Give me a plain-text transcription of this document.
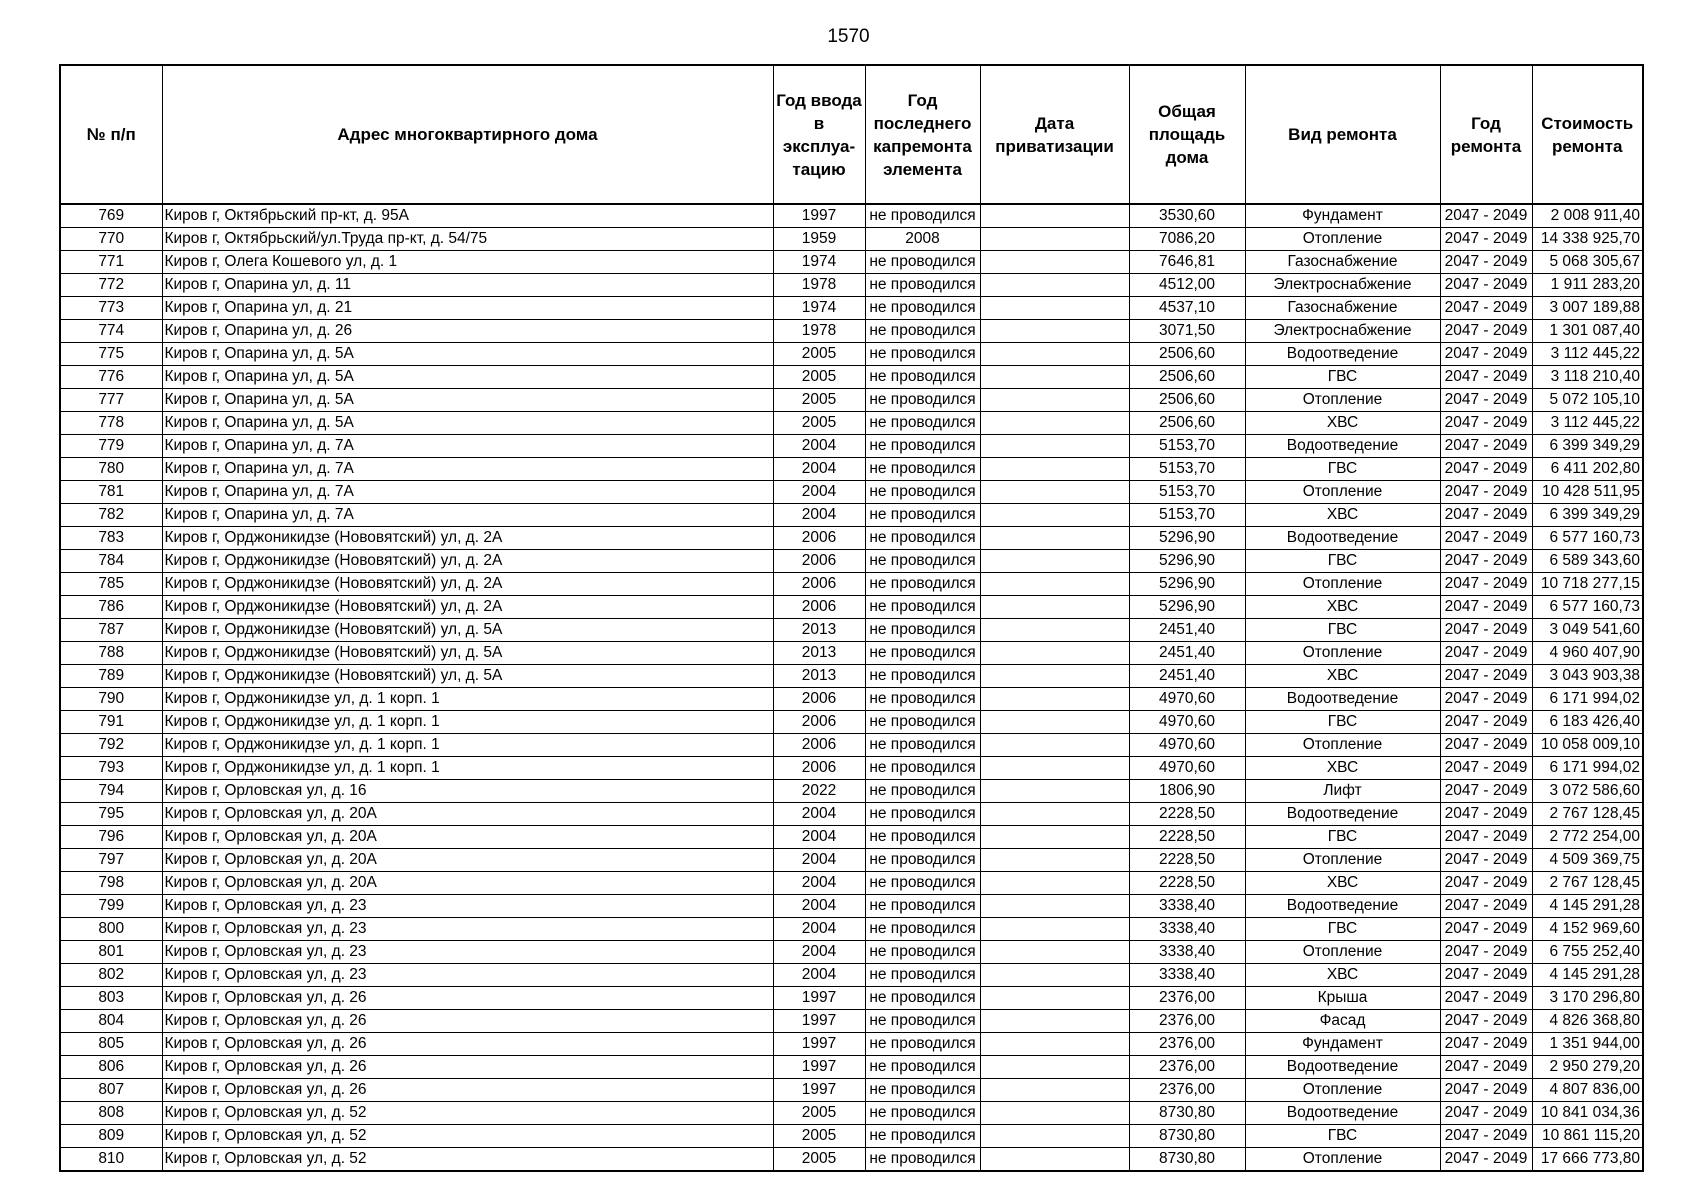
1570
№ п/п	Адрес многоквартирного дома	Год ввода в эксплуа-тацию	Год последнего капремонта элемента	Дата приватизации	Общая площадь дома	Вид ремонта	Год ремонта	Стоимость ремонта
769	Киров г, Октябрьский пр-кт, д. 95А	1997	не проводился		3530,60	Фундамент	2047 - 2049	2 008 911,40
770	Киров г, Октябрьский/ул.Труда пр-кт, д. 54/75	1959	2008		7086,20	Отопление	2047 - 2049	14 338 925,70
771	Киров г, Олега Кошевого ул, д. 1	1974	не проводился		7646,81	Газоснабжение	2047 - 2049	5 068 305,67
772	Киров г, Опарина ул, д. 11	1978	не проводился		4512,00	Электроснабжение	2047 - 2049	1 911 283,20
773	Киров г, Опарина ул, д. 21	1974	не проводился		4537,10	Газоснабжение	2047 - 2049	3 007 189,88
774	Киров г, Опарина ул, д. 26	1978	не проводился		3071,50	Электроснабжение	2047 - 2049	1 301 087,40
775	Киров г, Опарина ул, д. 5А	2005	не проводился		2506,60	Водоотведение	2047 - 2049	3 112 445,22
776	Киров г, Опарина ул, д. 5А	2005	не проводился		2506,60	ГВС	2047 - 2049	3 118 210,40
777	Киров г, Опарина ул, д. 5А	2005	не проводился		2506,60	Отопление	2047 - 2049	5 072 105,10
778	Киров г, Опарина ул, д. 5А	2005	не проводился		2506,60	ХВС	2047 - 2049	3 112 445,22
779	Киров г, Опарина ул, д. 7А	2004	не проводился		5153,70	Водоотведение	2047 - 2049	6 399 349,29
780	Киров г, Опарина ул, д. 7А	2004	не проводился		5153,70	ГВС	2047 - 2049	6 411 202,80
781	Киров г, Опарина ул, д. 7А	2004	не проводился		5153,70	Отопление	2047 - 2049	10 428 511,95
782	Киров г, Опарина ул, д. 7А	2004	не проводился		5153,70	ХВС	2047 - 2049	6 399 349,29
783	Киров г, Орджоникидзе (Нововятский) ул, д. 2А	2006	не проводился		5296,90	Водоотведение	2047 - 2049	6 577 160,73
784	Киров г, Орджоникидзе (Нововятский) ул, д. 2А	2006	не проводился		5296,90	ГВС	2047 - 2049	6 589 343,60
785	Киров г, Орджоникидзе (Нововятский) ул, д. 2А	2006	не проводился		5296,90	Отопление	2047 - 2049	10 718 277,15
786	Киров г, Орджоникидзе (Нововятский) ул, д. 2А	2006	не проводился		5296,90	ХВС	2047 - 2049	6 577 160,73
787	Киров г, Орджоникидзе (Нововятский) ул, д. 5А	2013	не проводился		2451,40	ГВС	2047 - 2049	3 049 541,60
788	Киров г, Орджоникидзе (Нововятский) ул, д. 5А	2013	не проводился		2451,40	Отопление	2047 - 2049	4 960 407,90
789	Киров г, Орджоникидзе (Нововятский) ул, д. 5А	2013	не проводился		2451,40	ХВС	2047 - 2049	3 043 903,38
790	Киров г, Орджоникидзе ул, д. 1 корп. 1	2006	не проводился		4970,60	Водоотведение	2047 - 2049	6 171 994,02
791	Киров г, Орджоникидзе ул, д. 1 корп. 1	2006	не проводился		4970,60	ГВС	2047 - 2049	6 183 426,40
792	Киров г, Орджоникидзе ул, д. 1 корп. 1	2006	не проводился		4970,60	Отопление	2047 - 2049	10 058 009,10
793	Киров г, Орджоникидзе ул, д. 1 корп. 1	2006	не проводился		4970,60	ХВС	2047 - 2049	6 171 994,02
794	Киров г, Орловская ул, д. 16	2022	не проводился		1806,90	Лифт	2047 - 2049	3 072 586,60
795	Киров г, Орловская ул, д. 20А	2004	не проводился		2228,50	Водоотведение	2047 - 2049	2 767 128,45
796	Киров г, Орловская ул, д. 20А	2004	не проводился		2228,50	ГВС	2047 - 2049	2 772 254,00
797	Киров г, Орловская ул, д. 20А	2004	не проводился		2228,50	Отопление	2047 - 2049	4 509 369,75
798	Киров г, Орловская ул, д. 20А	2004	не проводился		2228,50	ХВС	2047 - 2049	2 767 128,45
799	Киров г, Орловская ул, д. 23	2004	не проводился		3338,40	Водоотведение	2047 - 2049	4 145 291,28
800	Киров г, Орловская ул, д. 23	2004	не проводился		3338,40	ГВС	2047 - 2049	4 152 969,60
801	Киров г, Орловская ул, д. 23	2004	не проводился		3338,40	Отопление	2047 - 2049	6 755 252,40
802	Киров г, Орловская ул, д. 23	2004	не проводился		3338,40	ХВС	2047 - 2049	4 145 291,28
803	Киров г, Орловская ул, д. 26	1997	не проводился		2376,00	Крыша	2047 - 2049	3 170 296,80
804	Киров г, Орловская ул, д. 26	1997	не проводился		2376,00	Фасад	2047 - 2049	4 826 368,80
805	Киров г, Орловская ул, д. 26	1997	не проводился		2376,00	Фундамент	2047 - 2049	1 351 944,00
806	Киров г, Орловская ул, д. 26	1997	не проводился		2376,00	Водоотведение	2047 - 2049	2 950 279,20
807	Киров г, Орловская ул, д. 26	1997	не проводился		2376,00	Отопление	2047 - 2049	4 807 836,00
808	Киров г, Орловская ул, д. 52	2005	не проводился		8730,80	Водоотведение	2047 - 2049	10 841 034,36
809	Киров г, Орловская ул, д. 52	2005	не проводился		8730,80	ГВС	2047 - 2049	10 861 115,20
810	Киров г, Орловская ул, д. 52	2005	не проводился		8730,80	Отопление	2047 - 2049	17 666 773,80
